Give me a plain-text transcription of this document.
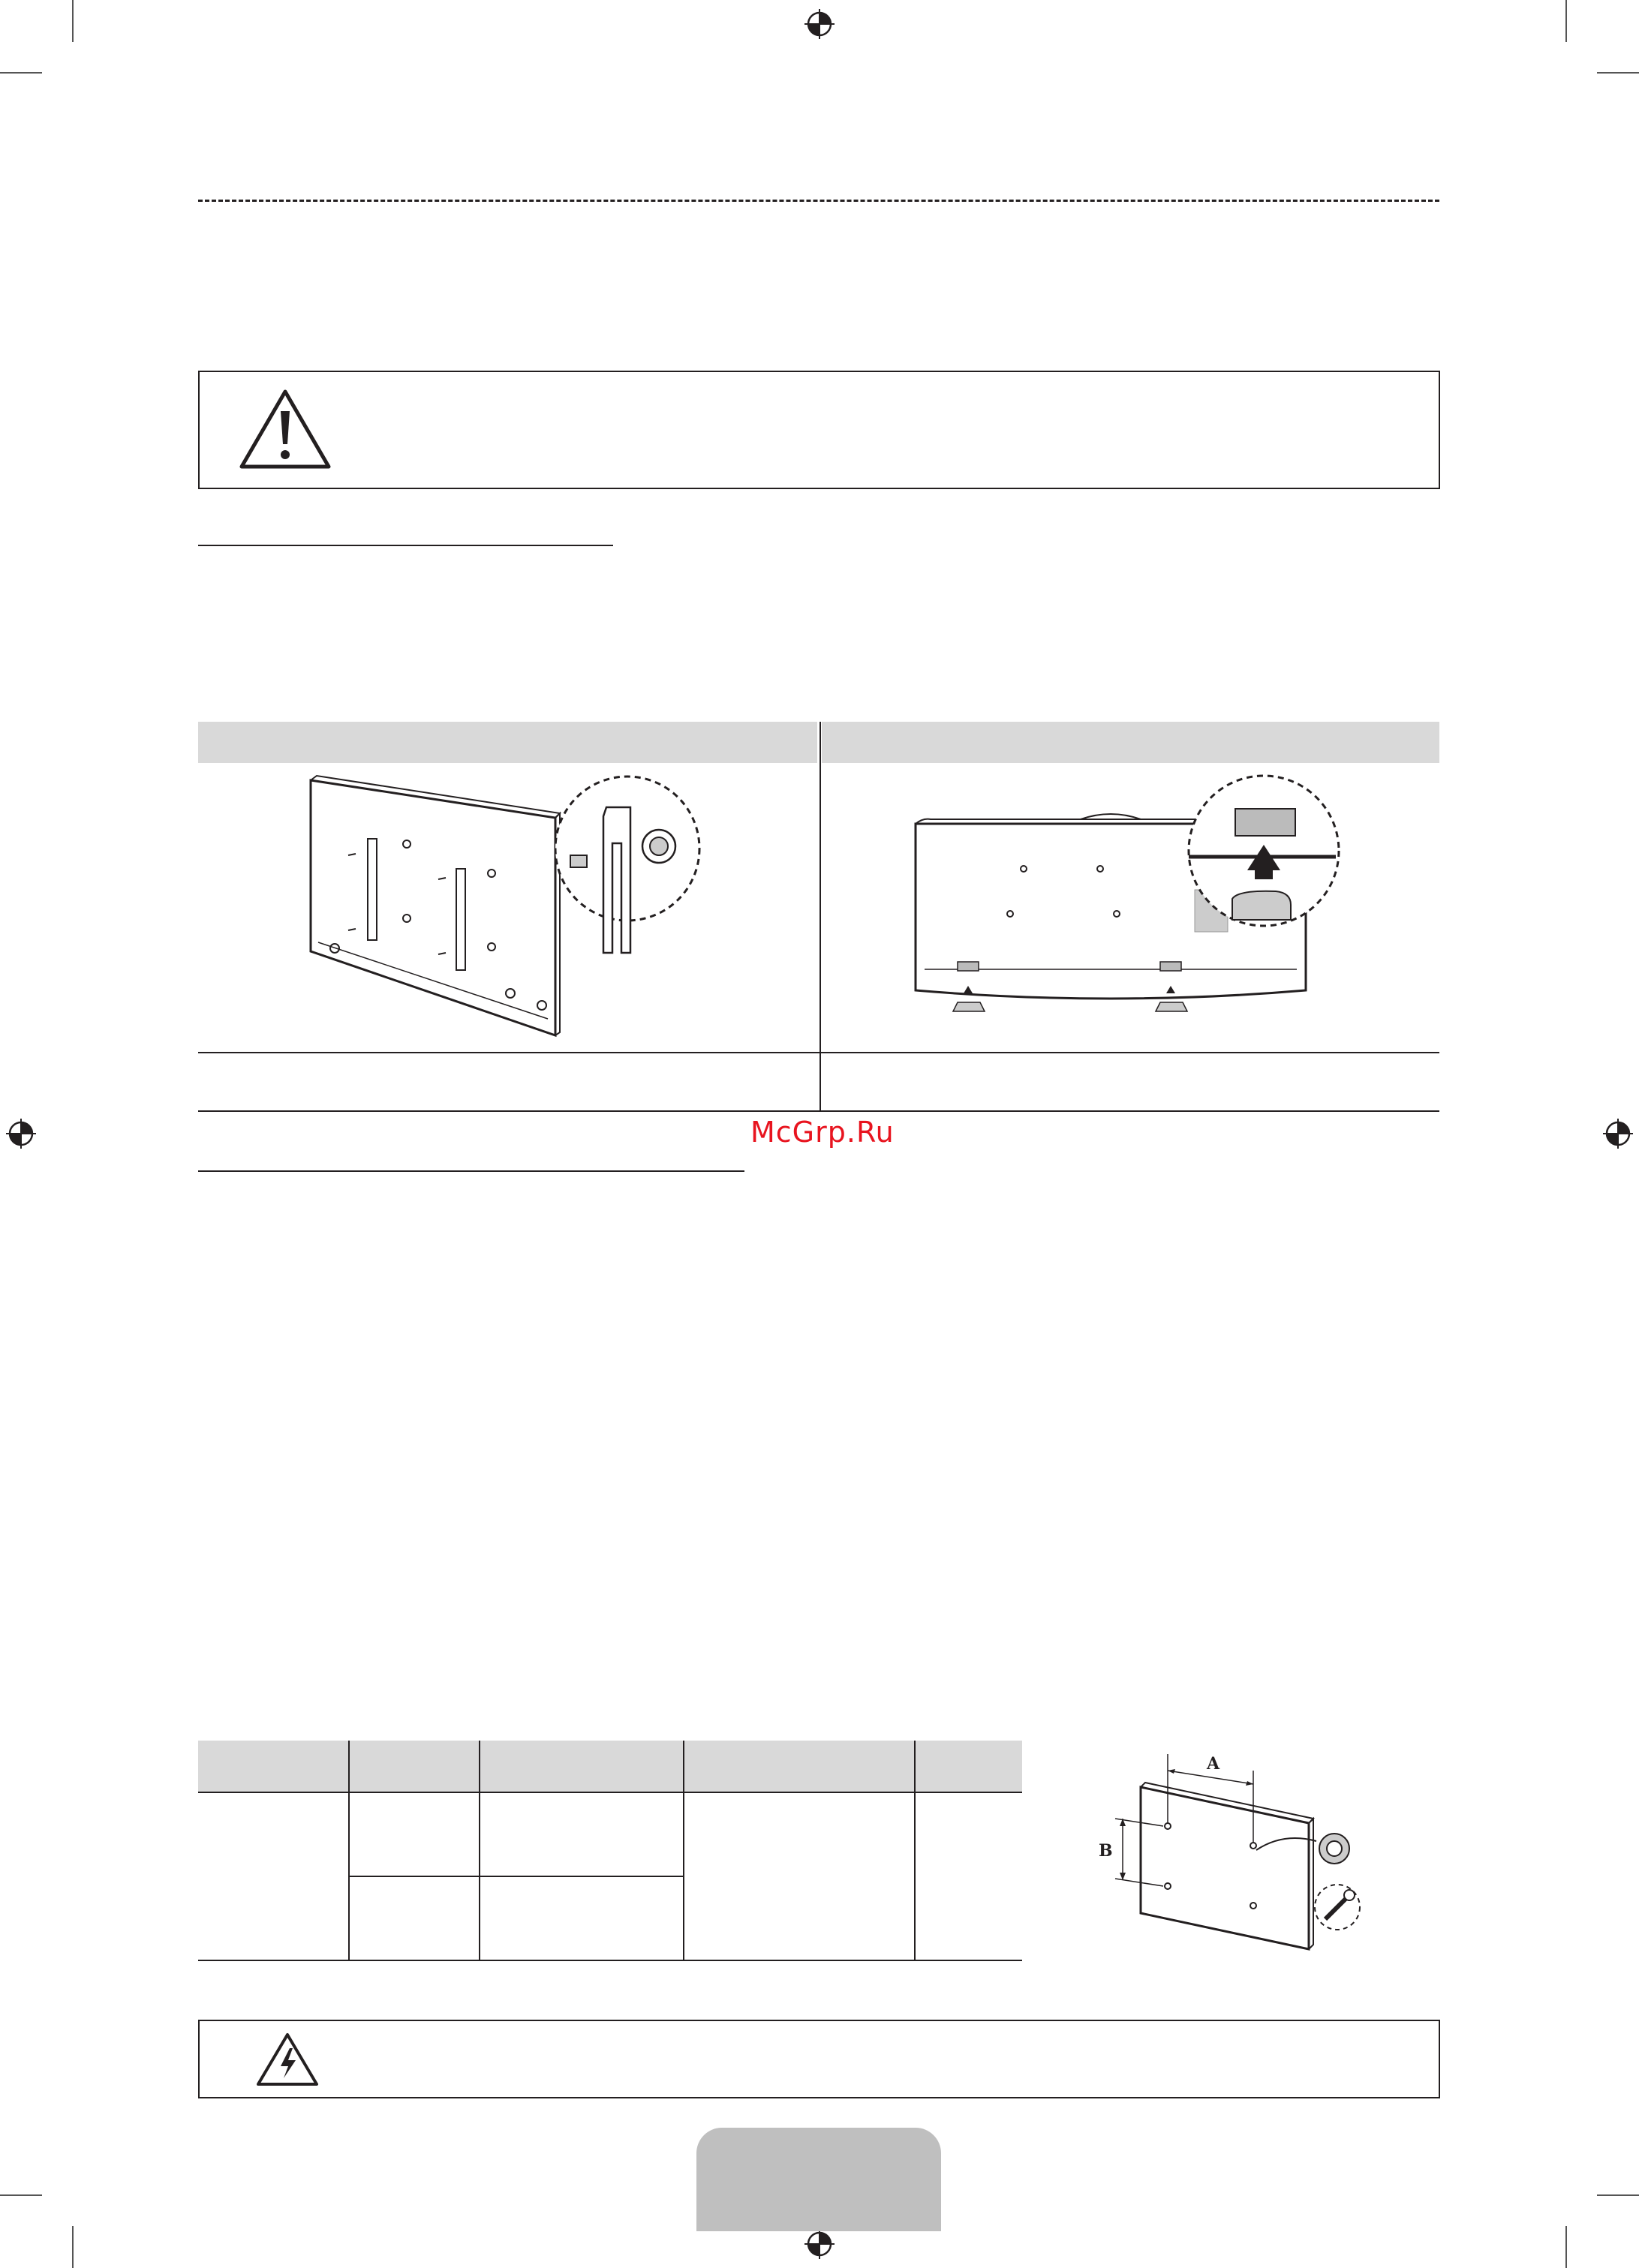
McGrp.Ru
A
B
